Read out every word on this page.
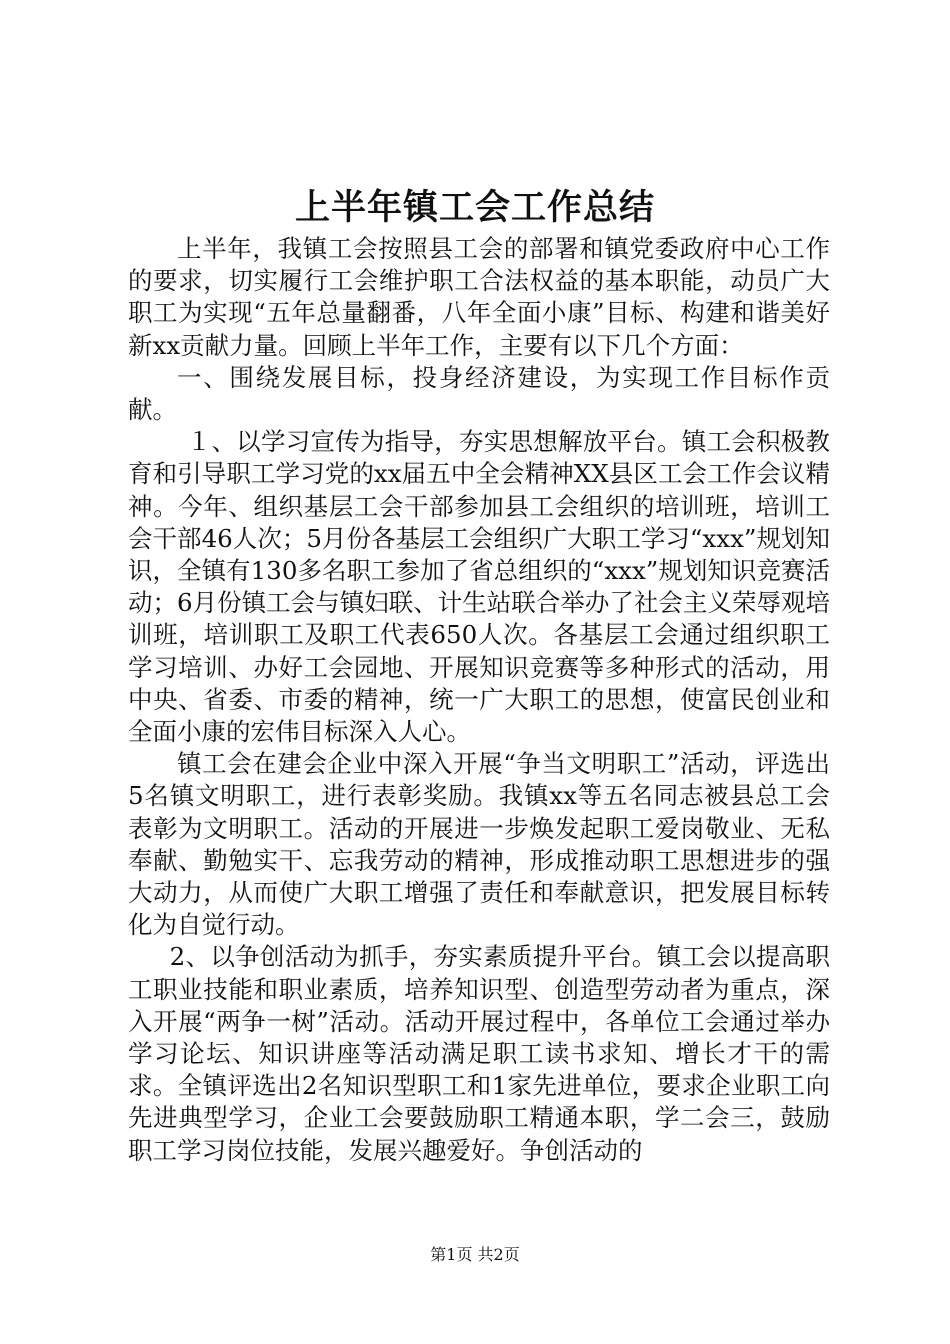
上半年镇工会工作总结

上半年，我镇工会按照县工会的部署和镇党委政府中心工作的要求，切实履行工会维护职工合法权益的基本职能，动员广大职工为实现“五年总量翻番，八年全面小康”目标、构建和谐美好新xx贡献力量。回顾上半年工作，主要有以下几个方面：

一、围绕发展目标，投身经济建设，为实现工作目标作贡献。

１、以学习宣传为指导，夯实思想解放平台。镇工会积极教育和引导职工学习党的xx届五中全会精神XX县区工会工作会议精神。今年、组织基层工会干部参加县工会组织的培训班，培训工会干部46人次；5月份各基层工会组织广大职工学习“xxx”规划知识，全镇有130多名职工参加了省总组织的“xxx”规划知识竞赛活动；6月份镇工会与镇妇联、计生站联合举办了社会主义荣辱观培训班，培训职工及职工代表650人次。各基层工会通过组织职工学习培训、办好工会园地、开展知识竞赛等多种形式的活动，用中央、省委、市委的精神，统一广大职工的思想，使富民创业和全面小康的宏伟目标深入人心。

镇工会在建会企业中深入开展“争当文明职工”活动，评选出5名镇文明职工，进行表彰奖励。我镇xx等五名同志被县总工会表彰为文明职工。活动的开展进一步焕发起职工爱岗敬业、无私奉献、勤勉实干、忘我劳动的精神，形成推动职工思想进步的强大动力，从而使广大职工增强了责任和奉献意识，把发展目标转化为自觉行动。

2、以争创活动为抓手，夯实素质提升平台。镇工会以提高职工职业技能和职业素质，培养知识型、创造型劳动者为重点，深入开展“两争一树”活动。活动开展过程中，各单位工会通过举办学习论坛、知识讲座等活动满足职工读书求知、增长才干的需求。全镇评选出2名知识型职工和1家先进单位，要求企业职工向先进典型学习，企业工会要鼓励职工精通本职，学二会三，鼓励职工学习岗位技能，发展兴趣爱好。争创活动的

第1页 共2页
